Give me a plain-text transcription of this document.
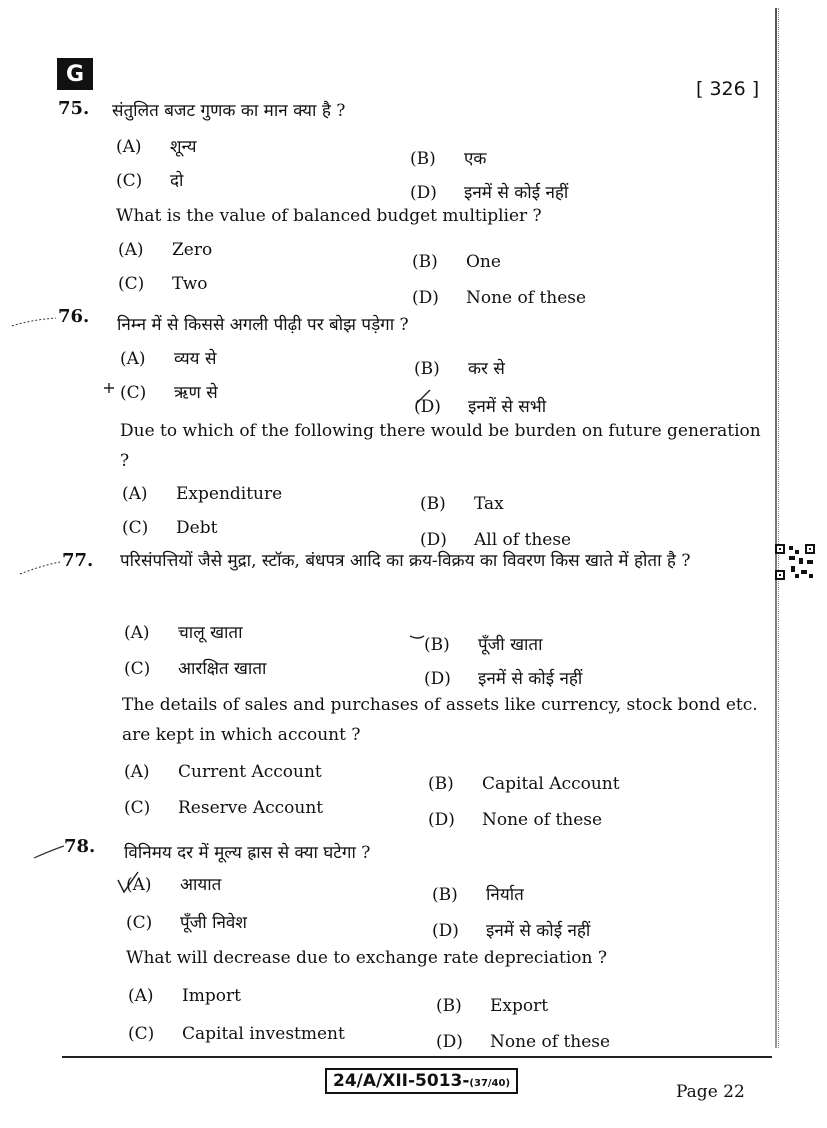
G
[ 326 ]
75. संतुलित बजट गुणक का मान क्या है ?
(A) शून्य
(B) एक
(C) दो
(D) इनमें से कोई नहीं
What is the value of balanced budget multiplier ?
(A) Zero
(B) One
(C) Two
(D) None of these
76. निम्न में से किससे अगली पीढ़ी पर बोझ पड़ेगा ?
(A) व्यय से	(B) कर से
(C) ऋण से
(D) इनमें से सभी
Due to which of the following there would be burden on future generation ?
(A) Expenditure	(B) Tax
(C) Debt
(D) All of these
77. परिसंपत्तियों जैसे मुद्रा, स्टॉक, बंधपत्र आदि का क्रय-विक्रय का विवरण किस खाते में होता है ?
(A) चालू खाता
(B) पूँजी खाता
(C) आरक्षित खाता	(D) इनमें से कोई नहीं
The details of sales and purchases of assets like currency, stock bond etc. are kept in which account ?
(A) Current Account
(B) Capital Account
(C) Reserve Account
(D) None of these
78. विनिमय दर में मूल्य ह्रास से क्या घटेगा ?
(A) आयात	(B) निर्यात
(C) पूँजी निवेश	(D) इनमें से कोई नहीं
What will decrease due to exchange rate depreciation ?
(A) Import	(B) Export
(C) Capital investment	(D) None of these
24/A/XII-5013-(37/40)	Page 22
